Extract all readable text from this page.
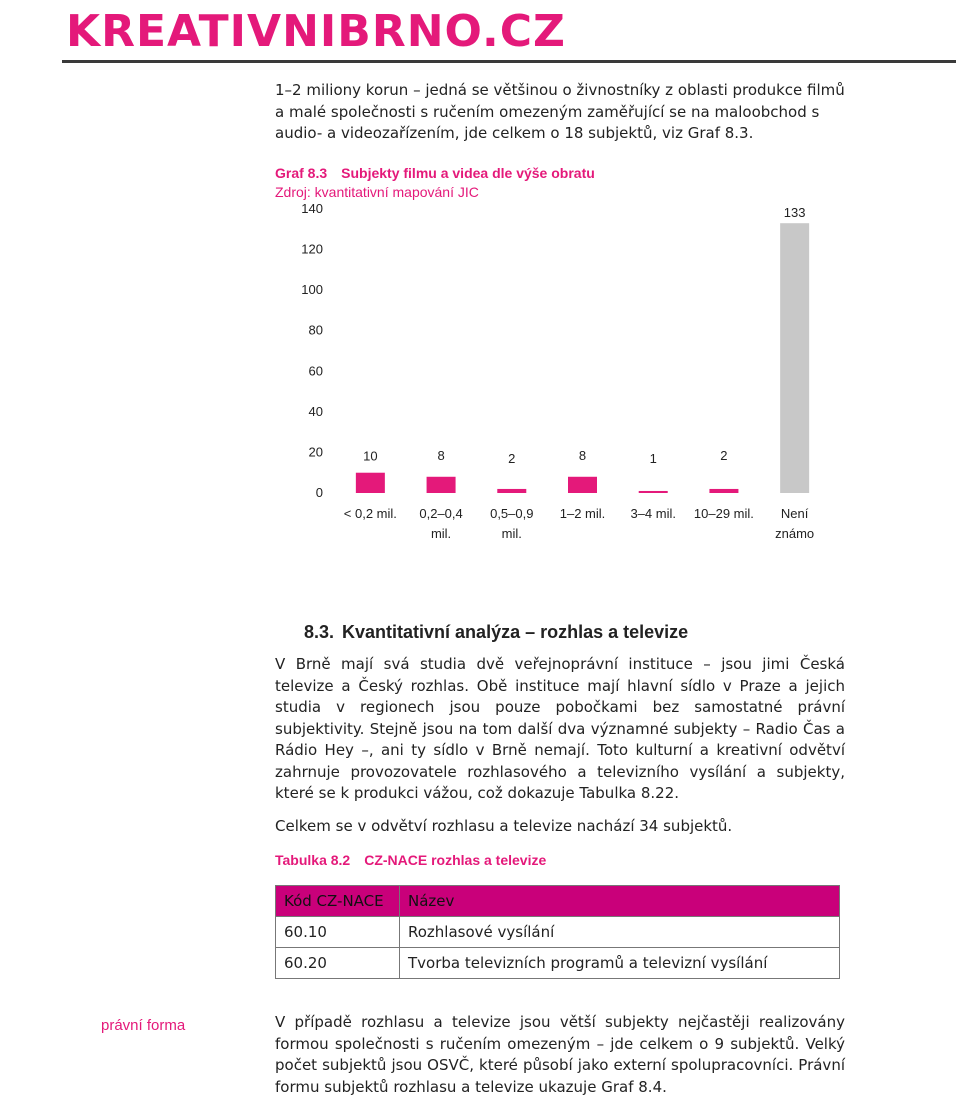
KREATIVNIBRNO.CZ

1–2 miliony korun – jedná se většinou o živnostníky z oblasti produkce filmů a malé společnosti s ručením omezeným zaměřující se na maloobchod s audio- a videozařízením, jde celkem o 18 subjektů, viz Graf 8.3.

Graf 8.3 Subjekty filmu a videa dle výše obratu
Zdroj: kvantitativní mapování JIC
0
20
40
60
80
100
120
140
10
< 0,2 mil.
8
0,2–0,4
mil.
2
0,5–0,9
mil.
8
1–2 mil.
1
3–4 mil.
2
10–29 mil.
133
Není
známo
8.3. Kvantitativní analýza – rozhlas a televize

V Brně mají svá studia dvě veřejnoprávní instituce – jsou jimi Česká televize a Český rozhlas. Obě instituce mají hlavní sídlo v Praze a jejich studia v regionech jsou pouze pobočkami bez samostatné právní subjektivity. Stejně jsou na tom další dva významné subjekty – Radio Čas a Rádio Hey –, ani ty sídlo v Brně nemají. Toto kulturní a kreativní odvětví zahrnuje provozovatele rozhlasového a televizního vysílání a subjekty, které se k produkci vážou, což dokazuje Tabulka 8.22.

Celkem se v odvětví rozhlasu a televize nachází 34 subjektů.

Tabulka 8.2 CZ-NACE rozhlas a televize
Kód CZ-NACE	Název
60.10	Rozhlasové vysílání
60.20	Tvorba televizních programů a televizní vysílání
právní forma	V případě rozhlasu a televize jsou větší subjekty nejčastěji realizovány formou společnosti s ručením omezeným – jde celkem o 9 subjektů. Velký počet subjektů jsou OSVČ, které působí jako externí spolupracovníci. Právní formu subjektů rozhlasu a televize ukazuje Graf 8.4.
